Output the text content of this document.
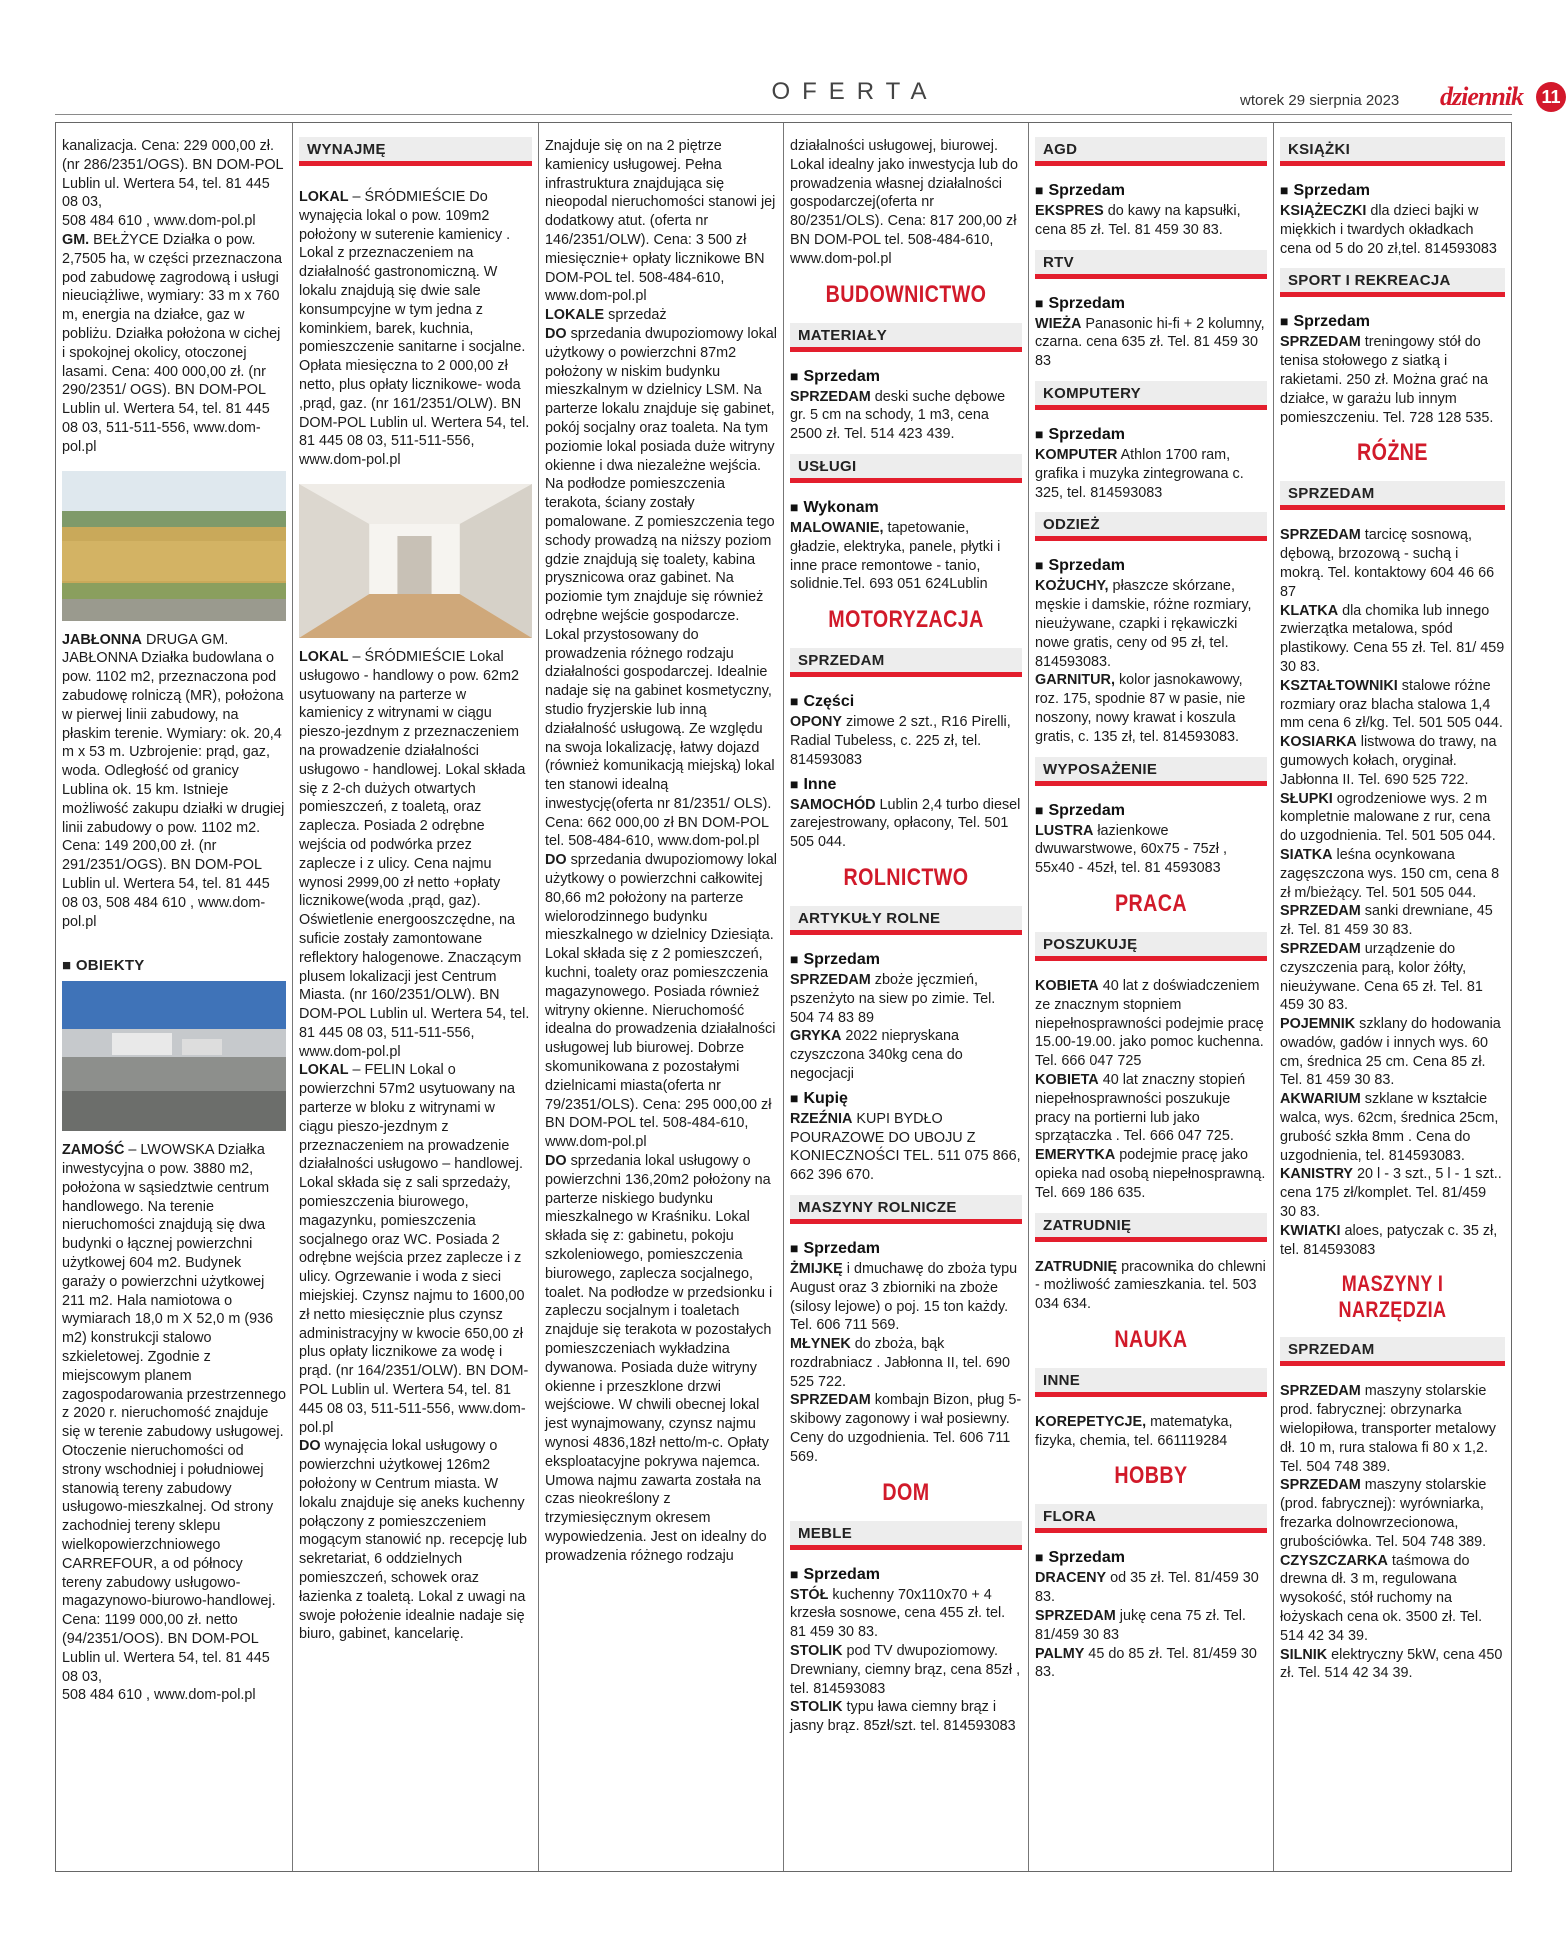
OFERTA	wtorek 29 sierpnia 2023 dziennik	11

kanalizacja. Cena: 229 000,00 zł. (nr 286/2351/OGS). BN DOM-POL Lublin ul. Wertera 54, tel. 81 445 08 03,
508 484 610 , www.dom-pol.pl

GM. BEŁŻYCE Działka o pow. 2,7505 ha, w części przeznaczona pod zabudowę zagrodową i usługi nieuciążliwe, wymiary: 33 m x 760 m, energia na działce, gaz w pobliżu. Działka położona w cichej i spokojnej okolicy, otoczonej lasami. Cena: 400 000,00 zł. (nr 290/2351/ OGS). BN DOM-POL Lublin ul. Wertera 54, tel. 81 445 08 03, 511-511-556, www.dom-pol.pl

JABŁONNA DRUGA GM. JABŁONNA Działka budowlana o pow. 1102 m2, przeznaczona pod zabudowę rolniczą (MR), położona w pierwej linii zabudowy, na płaskim terenie. Wymiary: ok. 20,4 m x 53 m. Uzbrojenie: prąd, gaz, woda. Odległość od granicy Lublina ok. 15 km. Istnieje możliwość zakupu działki w drugiej linii zabudowy o pow. 1102 m2. Cena: 149 200,00 zł. (nr 291/2351/OGS). BN DOM-POL Lublin ul. Wertera 54, tel. 81 445 08 03, 508 484 610 , www.dom-pol.pl

■ OBIEKTY

ZAMOŚĆ – LWOWSKA Działka inwestycyjna o pow. 3880 m2, położona w sąsiedztwie centrum handlowego. Na terenie nieruchomości znajdują się dwa budynki o łącznej powierzchni użytkowej 604 m2. Budynek garaży o powierzchni użytkowej 211 m2. Hala namiotowa o wymiarach 18,0 m X 52,0 m (936 m2) konstrukcji stalowo szkieletowej. Zgodnie z miejscowym planem zagospodarowania przestrzennego z 2020 r. nieruchomość znajduje się w terenie zabudowy usługowej. Otoczenie nieruchomości od strony wschodniej i południowej stanowią tereny zabudowy usługowo-mieszkalnej. Od strony zachodniej tereny sklepu wielkopowierzchniowego CARREFOUR, a od północy tereny zabudowy usługowo-magazynowo-biurowo-handlowej. Cena: 1199 000,00 zł. netto (94/2351/OOS). BN DOM-POL Lublin ul. Wertera 54, tel. 81 445 08 03,
508 484 610 , www.dom-pol.pl

WYNAJMĘ

LOKAL – ŚRÓDMIEŚCIE Do wynajęcia lokal o pow. 109m2 położony w suterenie kamienicy . Lokal z przeznaczeniem na działalność gastronomiczną. W lokalu znajdują się dwie sale konsumpcyjne w tym jedna z kominkiem, barek, kuchnia, pomieszczenie sanitarne i socjalne. Opłata miesięczna to 2 000,00 zł netto, plus opłaty licznikowe- woda ,prąd, gaz. (nr 161/2351/OLW). BN DOM-POL Lublin ul. Wertera 54, tel. 81 445 08 03, 511-511-556, www.dom-pol.pl

LOKAL – ŚRÓDMIEŚCIE Lokal usługowo - handlowy o pow. 62m2 usytuowany na parterze w kamienicy z witrynami w ciągu pieszo-jezdnym z przeznaczeniem na prowadzenie działalności usługowo - handlowej. Lokal składa się z 2-ch dużych otwartych pomieszczeń, z toaletą, oraz zaplecza. Posiada 2 odrębne wejścia od podwórka przez zaplecze i z ulicy. Cena najmu wynosi 2999,00 zł netto +opłaty licznikowe(woda ,prąd, gaz). Oświetlenie energooszczędne, na suficie zostały zamontowane reflektory halogenowe. Znaczącym plusem lokalizacji jest Centrum Miasta. (nr 160/2351/OLW). BN DOM-POL Lublin ul. Wertera 54, tel. 81 445 08 03, 511-511-556, www.dom-pol.pl

LOKAL – FELIN Lokal o powierzchni 57m2 usytuowany na parterze w bloku z witrynami w ciągu pieszo-jezdnym z przeznaczeniem na prowadzenie działalności usługowo – handlowej. Lokal składa się z sali sprzedaży, pomieszczenia biurowego, magazynku, pomieszczenia socjalnego oraz WC. Posiada 2 odrębne wejścia przez zaplecze i z ulicy. Ogrzewanie i woda z sieci miejskiej. Czynsz najmu to 1600,00 zł netto miesięcznie plus czynsz administracyjny w kwocie 650,00 zł plus opłaty licznikowe za wodę i prąd. (nr 164/2351/OLW). BN DOM-POL Lublin ul. Wertera 54, tel. 81 445 08 03, 511-511-556, www.dom-pol.pl

DO wynajęcia lokal usługowy o powierzchni użytkowej 126m2 położony w Centrum miasta. W lokalu znajduje się aneks kuchenny połączony z pomieszczeniem mogącym stanowić np. recepcję lub sekretariat, 6 oddzielnych pomieszczeń, schowek oraz łazienka z toaletą. Lokal z uwagi na swoje położenie idealnie nadaje się biuro, gabinet, kancelarię.

Znajduje się on na 2 piętrze kamienicy usługowej. Pełna infrastruktura znajdująca się nieopodal nieruchomości stanowi jej dodatkowy atut. (oferta nr 146/2351/OLW). Cena: 3 500 zł miesięcznie+ opłaty licznikowe BN DOM-POL tel. 508-484-610, www.dom-pol.pl

LOKALE sprzedaż

DO sprzedania dwupoziomowy lokal użytkowy o powierzchni 87m2 położony w niskim budynku mieszkalnym w dzielnicy LSM. Na parterze lokalu znajduje się gabinet, pokój socjalny oraz toaleta. Na tym poziomie lokal posiada duże witryny okienne i dwa niezależne wejścia. Na podłodze pomieszczenia terakota, ściany zostały pomalowane. Z pomieszczenia tego schody prowadzą na niższy poziom gdzie znajdują się toalety, kabina prysznicowa oraz gabinet. Na poziomie tym znajduje się również odrębne wejście gospodarcze. Lokal przystosowany do prowadzenia różnego rodzaju działalności gospodarczej. Idealnie nadaje się na gabinet kosmetyczny, studio fryzjerskie lub inną działalność usługową. Ze względu na swoja lokalizację, łatwy dojazd (również komunikacją miejską) lokal ten stanowi idealną inwestycję(oferta nr 81/2351/ OLS). Cena: 662 000,00 zł BN DOM-POL tel. 508-484-610, www.dom-pol.pl

DO sprzedania dwupoziomowy lokal użytkowy o powierzchni całkowitej 80,66 m2 położony na parterze wielorodzinnego budynku mieszkalnego w dzielnicy Dziesiąta. Lokal składa się z 2 pomieszczeń, kuchni, toalety oraz pomieszczenia magazynowego. Posiada również witryny okienne. Nieruchomość idealna do prowadzenia działalności usługowej lub biurowej. Dobrze skomunikowana z pozostałymi dzielnicami miasta(oferta nr 79/2351/OLS). Cena: 295 000,00 zł BN DOM-POL tel. 508-484-610, www.dom-pol.pl

DO sprzedania lokal usługowy o powierzchni 136,20m2 położony na parterze niskiego budynku mieszkalnego w Kraśniku. Lokal składa się z: gabinetu, pokoju szkoleniowego, pomieszczenia biurowego, zaplecza socjalnego, toalet. Na podłodze w przedsionku i zapleczu socjalnym i toaletach znajduje się terakota w pozostałych pomieszczeniach wykładzina dywanowa. Posiada duże witryny okienne i przeszklone drzwi wejściowe. W chwili obecnej lokal jest wynajmowany, czynsz najmu wynosi 4836,18zł netto/m-c. Opłaty eksploatacyjne pokrywa najemca. Umowa najmu zawarta została na czas nieokreślony z trzymiesięcznym okresem wypowiedzenia. Jest on idealny do prowadzenia różnego rodzaju

działalności usługowej, biurowej. Lokal idealny jako inwestycja lub do prowadzenia własnej działalności gospodarczej(oferta nr 80/2351/OLS). Cena: 817 200,00 zł BN DOM-POL tel. 508-484-610, www.dom-pol.pl

BUDOWNICTWO
MATERIAŁY
■ Sprzedam

SPRZEDAM deski suche dębowe gr. 5 cm na schody, 1 m3, cena 2500 zł. Tel. 514 423 439.

USŁUGI
■ Wykonam

MALOWANIE, tapetowanie, gładzie, elektryka, panele, płytki i inne prace remontowe - tanio, solidnie.Tel. 693 051 624Lublin

MOTORYZACJA
SPRZEDAM
■ Części

OPONY zimowe 2 szt., R16 Pirelli, Radial Tubeless, c. 225 zł, tel. 814593083

■ Inne

SAMOCHÓD Lublin 2,4 turbo diesel zarejestrowany, opłacony, Tel. 501 505 044.

ROLNICTWO
ARTYKUŁY ROLNE
■ Sprzedam

SPRZEDAM zboże jęczmień, pszenżyto na siew po zimie. Tel. 504 74 83 89

GRYKA 2022 niepryskana czyszczona 340kg cena do negocjacji

■ Kupię

RZEŹNIA KUPI BYDŁO POURAZOWE DO UBOJU Z KONIECZNOŚCI TEL. 511 075 866, 662 396 670.

MASZYNY ROLNICZE
■ Sprzedam

ŻMIJKĘ i dmuchawę do zboża typu August oraz 3 zbiorniki na zboże (silosy lejowe) o poj. 15 ton każdy. Tel. 606 711 569.

MŁYNEK do zboża, bąk rozdrabniacz . Jabłonna II, tel. 690 525 722.

SPRZEDAM kombajn Bizon, pług 5-skibowy zagonowy i wał posiewny. Ceny do uzgodnienia. Tel. 606 711 569.

DOM
MEBLE
■ Sprzedam

STÓŁ kuchenny 70x110x70 + 4 krzesła sosnowe, cena 455 zł. tel. 81 459 30 83.

STOLIK pod TV dwupoziomowy. Drewniany, ciemny brąz, cena 85zł , tel. 814593083

STOLIK typu ława ciemny brąz i jasny brąz. 85zł/szt. tel. 814593083

AGD
■ Sprzedam

EKSPRES do kawy na kapsułki, cena 85 zł. Tel. 81 459 30 83.

RTV
■ Sprzedam

WIEŻA Panasonic hi-fi + 2 kolumny, czarna. cena 635 zł. Tel. 81 459 30 83

KOMPUTERY
■ Sprzedam

KOMPUTER Athlon 1700 ram, grafika i muzyka zintegrowana c. 325, tel. 814593083

ODZIEŻ
■ Sprzedam

KOŻUCHY, płaszcze skórzane, męskie i damskie, różne rozmiary, nieużywane, czapki i rękawiczki nowe gratis, ceny od 95 zł, tel. 814593083.

GARNITUR, kolor jasnokawowy, roz. 175, spodnie 87 w pasie, nie noszony, nowy krawat i koszula gratis, c. 135 zł, tel. 814593083.

WYPOSAŻENIE
■ Sprzedam

LUSTRA łazienkowe dwuwarstwowe, 60x75 - 75zł , 55x40 - 45zł, tel. 81 4593083

PRACA
POSZUKUJĘ

KOBIETA 40 lat z doświadczeniem ze znacznym stopniem niepełnosprawności podejmie pracę 15.00-19.00. jako pomoc kuchenna. Tel. 666 047 725

KOBIETA 40 lat znaczny stopień niepełnosprawności poszukuje pracy na portierni lub jako sprzątaczka . Tel. 666 047 725.

EMERYTKA podejmie pracę jako opieka nad osobą niepełnosprawną. Tel. 669 186 635.

ZATRUDNIĘ

ZATRUDNIĘ pracownika do chlewni - możliwość zamieszkania. tel. 503 034 634.

NAUKA
INNE

KOREPETYCJE, matematyka, fizyka, chemia, tel. 661119284

HOBBY
FLORA
■ Sprzedam

DRACENY od 35 zł. Tel. 81/459 30 83.

SPRZEDAM jukę cena 75 zł. Tel. 81/459 30 83

PALMY 45 do 85 zł. Tel. 81/459 30 83.

KSIĄŻKI
■ Sprzedam

KSIĄŻECZKI dla dzieci bajki w miękkich i twardych okładkach cena od 5 do 20 zł,tel. 814593083

SPORT I REKREACJA
■ Sprzedam

SPRZEDAM treningowy stół do tenisa stołowego z siatką i rakietami. 250 zł. Można grać na działce, w garażu lub innym pomieszczeniu. Tel. 728 128 535.

RÓŻNE
SPRZEDAM

SPRZEDAM tarcicę sosnową, dębową, brzozową - suchą i mokrą. Tel. kontaktowy 604 46 66 87

KLATKA dla chomika lub innego zwierzątka metalowa, spód plastikowy. Cena 55 zł. Tel. 81/ 459 30 83.

KSZTAŁTOWNIKI stalowe różne rozmiary oraz blacha stalowa 1,4 mm cena 6 zł/kg. Tel. 501 505 044.

KOSIARKA listwowa do trawy, na gumowych kołach, oryginał. Jabłonna II. Tel. 690 525 722.

SŁUPKI ogrodzeniowe wys. 2 m kompletnie malowane z rur, cena do uzgodnienia. Tel. 501 505 044.

SIATKA leśna ocynkowana zagęszczona wys. 150 cm, cena 8 zł m/bieżący. Tel. 501 505 044.

SPRZEDAM sanki drewniane, 45 zł. Tel. 81 459 30 83.

SPRZEDAM urządzenie do czyszczenia parą, kolor żółty, nieużywane. Cena 65 zł. Tel. 81 459 30 83.

POJEMNIK szklany do hodowania owadów, gadów i innych wys. 60 cm, średnica 25 cm. Cena 85 zł. Tel. 81 459 30 83.

AKWARIUM szklane w kształcie walca, wys. 62cm, średnica 25cm, grubość szkła 8mm . Cena do uzgodnienia, tel. 814593083.

KANISTRY 20 l - 3 szt., 5 l - 1 szt.. cena 175 zł/komplet. Tel. 81/459 30 83.

KWIATKI aloes, patyczak c. 35 zł, tel. 814593083

MASZYNY I NARZĘDZIA
SPRZEDAM

SPRZEDAM maszyny stolarskie prod. fabrycznej: obrzynarka wielopiłowa, transporter metalowy dł. 10 m, rura stalowa fi 80 x 1,2. Tel. 504 748 389.

SPRZEDAM maszyny stolarskie (prod. fabrycznej): wyrówniarka, frezarka dolnowrzecionowa, grubościówka. Tel. 504 748 389.

CZYSZCZARKA taśmowa do drewna dł. 3 m, regulowana wysokość, stół ruchomy na łożyskach cena ok. 3500 zł. Tel. 514 42 34 39.

SILNIK elektryczny 5kW, cena 450 zł. Tel. 514 42 34 39.
